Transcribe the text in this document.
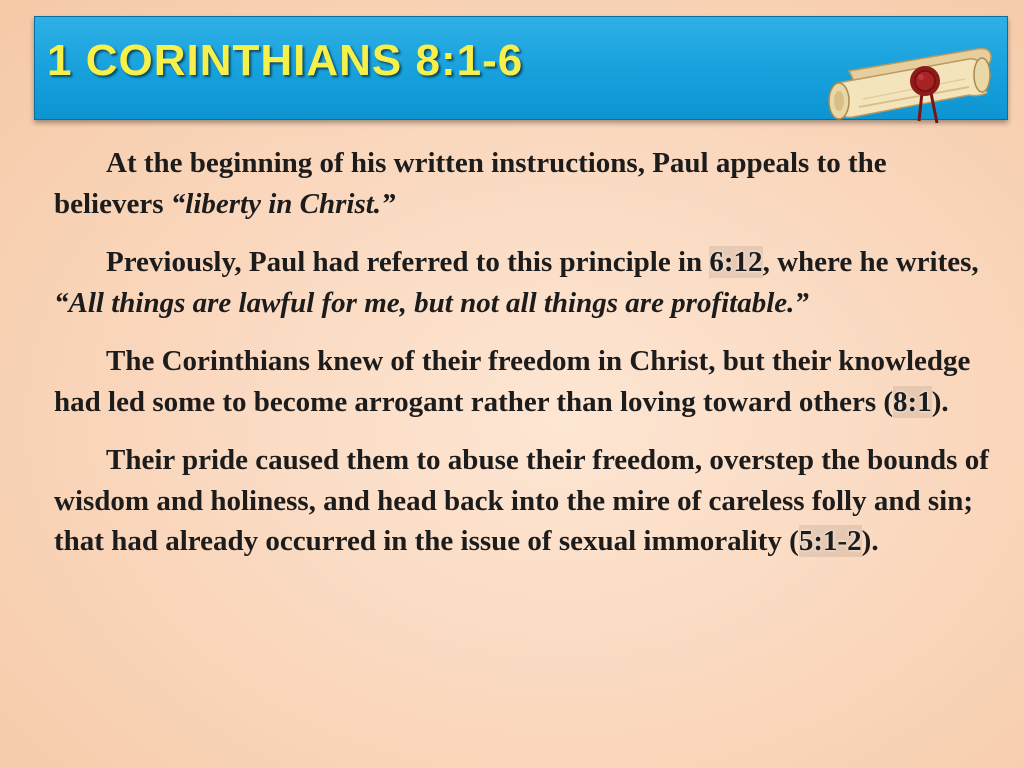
1 CORINTHIANS 8:1-6

At the beginning of his written instructions, Paul appeals to the believers “liberty in Christ.”

Previously, Paul had referred to this principle in 6:12, where he writes, “All things are lawful for me, but not all things are profitable.”

The Corinthians knew of their freedom in Christ, but their knowledge had led some to become arrogant rather than loving toward others (8:1).

Their pride caused them to abuse their freedom, overstep the bounds of wisdom and holiness, and head back into the mire of careless folly and sin; that had already occurred in the issue of sexual immorality (5:1-2).
